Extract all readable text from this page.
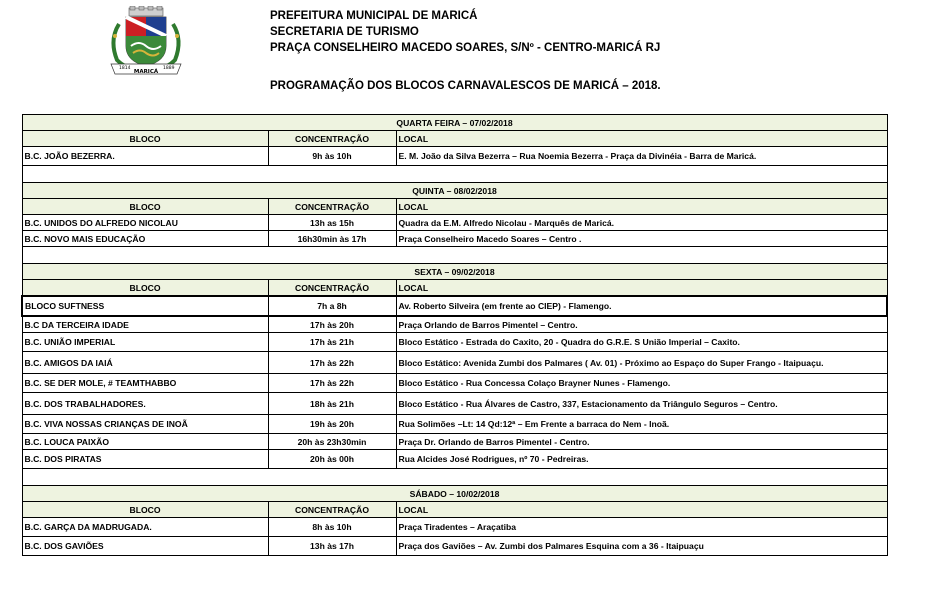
1814	1889
MARICÁ
PREFEITURA MUNICIPAL DE MARICÁ
SECRETARIA DE TURISMO
PRAÇA CONSELHEIRO MACEDO SOARES, S/Nº - CENTRO-MARICÁ RJ
PROGRAMAÇÃO DOS BLOCOS CARNAVALESCOS DE MARICÁ – 2018.
QUARTA FEIRA – 07/02/2018		
BLOCO	CONCENTRAÇÃO	LOCAL
B.C. JOÃO BEZERRA.	9h às 10h	E. M. João da Silva Bezerra – Rua Noemia Bezerra - Praça da Divinéia - Barra de Maricá.

QUINTA – 08/02/2018		
BLOCO	CONCENTRAÇÃO	LOCAL
B.C. UNIDOS DO ALFREDO NICOLAU	13h as 15h	Quadra da E.M. Alfredo Nicolau - Marquês de Maricá.
B.C. NOVO MAIS EDUCAÇÃO	16h30min às 17h	Praça Conselheiro Macedo Soares – Centro .

SEXTA – 09/02/2018		
BLOCO	CONCENTRAÇÃO	LOCAL
BLOCO SUFTNESS	7h a 8h	Av. Roberto Silveira (em frente ao CIEP) - Flamengo.
B.C DA TERCEIRA IDADE	17h às 20h	Praça Orlando de Barros Pimentel – Centro.
B.C. UNIÃO IMPERIAL	17h às 21h	Bloco Estático - Estrada do Caxito, 20 - Quadra do G.R.E. S União Imperial – Caxito.
B.C. AMIGOS DA IAIÁ	17h às 22h	Bloco Estático: Avenida Zumbi dos Palmares ( Av. 01) - Próximo ao Espaço do Super Frango - Itaipuaçu.
B.C. SE DER MOLE, # TEAMTHABBO	17h às 22h	Bloco Estático - Rua Concessa Colaço Brayner Nunes - Flamengo.
B.C. DOS TRABALHADORES.	18h às 21h	Bloco Estático - Rua Álvares de Castro, 337, Estacionamento da Triângulo Seguros – Centro.
B.C. VIVA NOSSAS CRIANÇAS DE INOÃ	19h às 20h	Rua Solimões –Lt: 14 Qd:12ª – Em Frente a barraca do Nem - Inoã.
B.C. LOUCA PAIXÃO	20h às 23h30min	Praça Dr. Orlando de Barros Pimentel - Centro.
B.C. DOS PIRATAS	20h às 00h	Rua Alcides José Rodrigues, nº 70 - Pedreiras.

SÁBADO – 10/02/2018		
BLOCO	CONCENTRAÇÃO	LOCAL
B.C. GARÇA DA MADRUGADA.	8h às 10h	Praça Tiradentes – Araçatiba
B.C. DOS GAVIÕES	13h às 17h	Praça dos Gaviões – Av. Zumbi dos Palmares Esquina com a 36 - Itaipuaçu
